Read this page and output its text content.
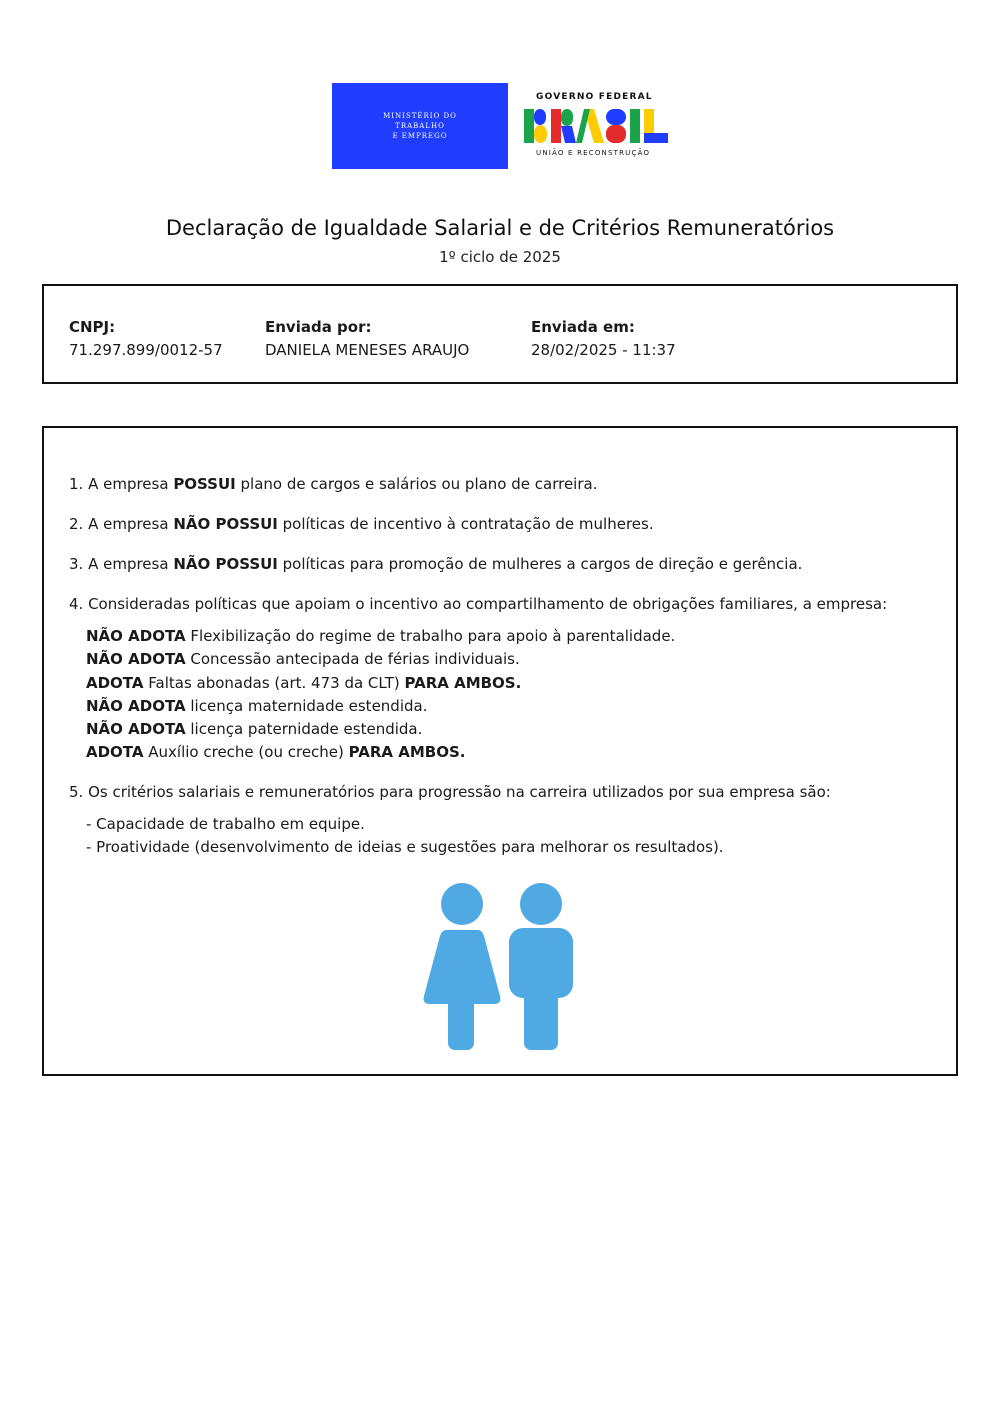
MINISTÉRIO DO
TRABALHO
E EMPREGO
GOVERNO FEDERAL
UNIÃO E RECONSTRUÇÃO
Declaração de Igualdade Salarial e de Critérios Remuneratórios
1º ciclo de 2025
CNPJ:
71.297.899/0012-57
Enviada por:
DANIELA MENESES ARAUJO
Enviada em:
28/02/2025 - 11:37
1. A empresa POSSUI plano de cargos e salários ou plano de carreira.
2. A empresa NÃO POSSUI políticas de incentivo à contratação de mulheres.
3. A empresa NÃO POSSUI políticas para promoção de mulheres a cargos de direção e gerência.
4. Consideradas políticas que apoiam o incentivo ao compartilhamento de obrigações familiares, a empresa:
NÃO ADOTA Flexibilização do regime de trabalho para apoio à parentalidade.
NÃO ADOTA Concessão antecipada de férias individuais.
ADOTA Faltas abonadas (art. 473 da CLT) PARA AMBOS.
NÃO ADOTA licença maternidade estendida.
NÃO ADOTA licença paternidade estendida.
ADOTA Auxílio creche (ou creche) PARA AMBOS.
5. Os critérios salariais e remuneratórios para progressão na carreira utilizados por sua empresa são:
- Capacidade de trabalho em equipe.
- Proatividade (desenvolvimento de ideias e sugestões para melhorar os resultados).
